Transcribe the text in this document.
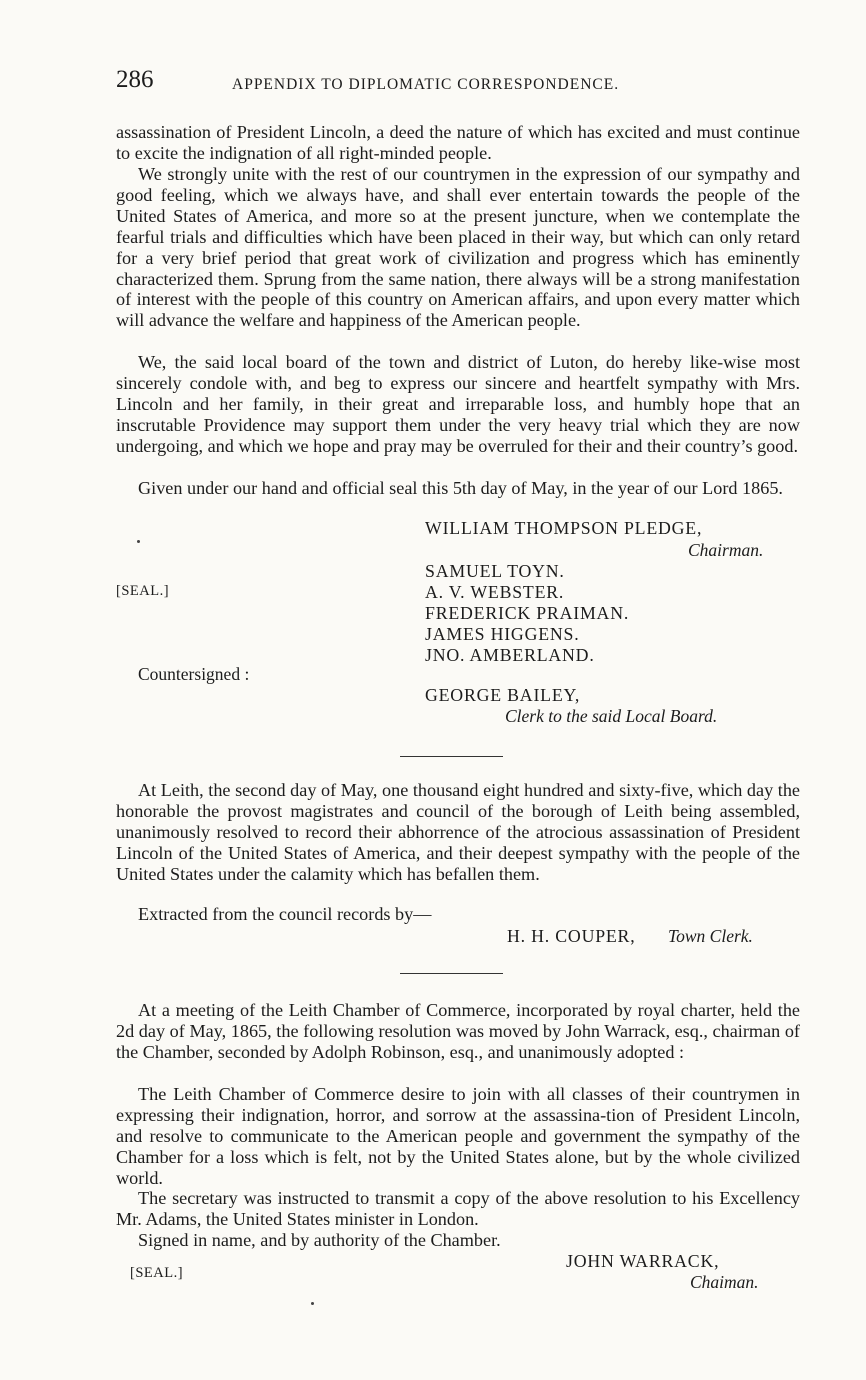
286	APPENDIX TO DIPLOMATIC CORRESPONDENCE.

assassination of President Lincoln, a deed the nature of which has excited and must continue to excite the indignation of all right-minded people.

We strongly unite with the rest of our countrymen in the expression of our sympathy and good feeling, which we always have, and shall ever entertain towards the people of the United States of America, and more so at the present juncture, when we contemplate the fearful trials and difficulties which have been placed in their way, but which can only retard for a very brief period that great work of civilization and progress which has eminently characterized them. Sprung from the same nation, there always will be a strong manifestation of interest with the people of this country on American affairs, and upon every matter which will advance the welfare and happiness of the American people.

We, the said local board of the town and district of Luton, do hereby like-wise most sincerely condole with, and beg to express our sincere and heartfelt sympathy with Mrs. Lincoln and her family, in their great and irreparable loss, and humbly hope that an inscrutable Providence may support them under the very heavy trial which they are now undergoing, and which we hope and pray may be overruled for their and their country’s good.

Given under our hand and official seal this 5th day of May, in the year of our Lord 1865.

WILLIAM THOMPSON PLEDGE,
Chairman.
SAMUEL TOYN.
A. V. WEBSTER.
FREDERICK PRAIMAN.
JAMES HIGGENS.
JNO. AMBERLAND.
[SEAL.]
Countersigned :
GEORGE BAILEY,
Clerk to the said Local Board.

At Leith, the second day of May, one thousand eight hundred and sixty-five, which day the honorable the provost magistrates and council of the borough of Leith being assembled, unanimously resolved to record their abhorrence of the atrocious assassination of President Lincoln of the United States of America, and their deepest sympathy with the people of the United States under the calamity which has befallen them.

Extracted from the council records by—

H. H. COUPER, Town Clerk.

At a meeting of the Leith Chamber of Commerce, incorporated by royal charter, held the 2d day of May, 1865, the following resolution was moved by John Warrack, esq., chairman of the Chamber, seconded by Adolph Robinson, esq., and unanimously adopted :

The Leith Chamber of Commerce desire to join with all classes of their countrymen in expressing their indignation, horror, and sorrow at the assassina-tion of President Lincoln, and resolve to communicate to the American people and government the sympathy of the Chamber for a loss which is felt, not by the United States alone, but by the whole civilized world.

The secretary was instructed to transmit a copy of the above resolution to his Excellency Mr. Adams, the United States minister in London.

Signed in name, and by authority of the Chamber.

JOHN WARRACK,
Chaiman.
[SEAL.]
